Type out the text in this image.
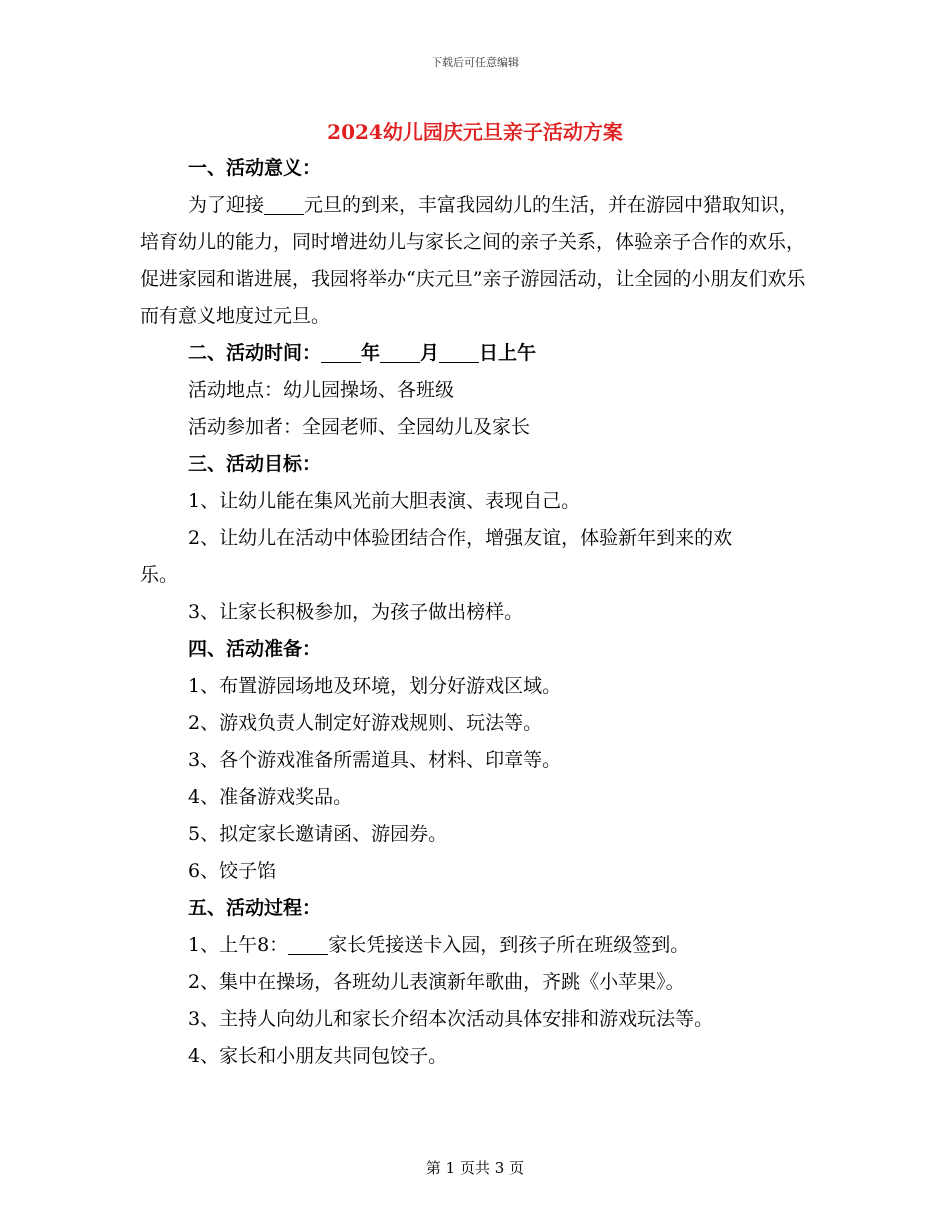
下载后可任意编辑
2024幼儿园庆元旦亲子活动方案

一、活动意义：

为了迎接 元旦的到来，丰富我园幼儿的生活，并在游园中猎取知识，培育幼儿的能力，同时增进幼儿与家长之间的亲子关系，体验亲子合作的欢乐，促进家园和谐进展，我园将举办“庆元旦”亲子游园活动，让全园的小朋友们欢乐而有意义地度过元旦。

二、活动时间： 年 月 日上午

活动地点：幼儿园操场、各班级

活动参加者：全园老师、全园幼儿及家长

三、活动目标：

1、让幼儿能在集风光前大胆表演、表现自己。

2、让幼儿在活动中体验团结合作，增强友谊，体验新年到来的欢

乐。

3、让家长积极参加，为孩子做出榜样。

四、活动准备：

1、布置游园场地及环境，划分好游戏区域。

2、游戏负责人制定好游戏规则、玩法等。

3、各个游戏准备所需道具、材料、印章等。

4、准备游戏奖品。

5、拟定家长邀请函、游园券。

6、饺子馅

五、活动过程：

1、上午8： 家长凭接送卡入园，到孩子所在班级签到。

2、集中在操场，各班幼儿表演新年歌曲，齐跳《小苹果》。

3、主持人向幼儿和家长介绍本次活动具体安排和游戏玩法等。

4、家长和小朋友共同包饺子。

第 1 页共 3 页
